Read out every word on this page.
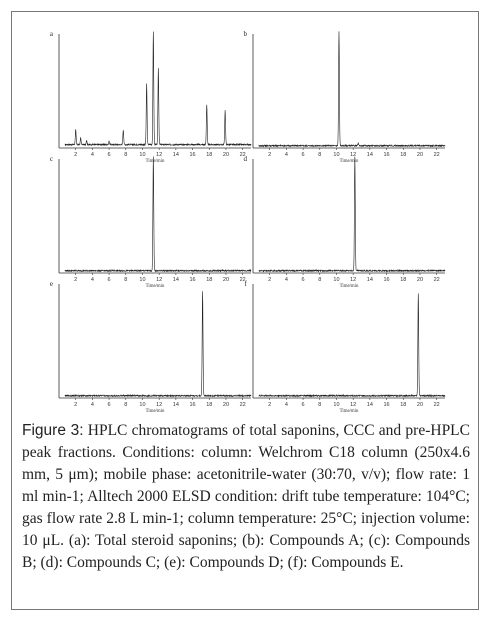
a
2 4 6 8 10 12 14 16 18 20 22
Time/min
b
2 4 6 8 10 12 14 16 18 20 22
Time/min
c
2 4 6 8 10 12 14 16 18 20 22
Time/min
d
2 4 6 8 10 12 14 16 18 20 22
Time/min
e
2 4 6 8 10 12 14 16 18 20 22
Time/min
f
2 4 6 8 10 12 14 16 18 20 22
Time/min
Figure 3: HPLC chromatograms of total saponins, CCC and pre-HPLC peak fractions. Conditions: column: Welchrom C18 column (250x4.6 mm, 5 μm); mobile phase: acetonitrile-water (30:70, v/v); flow rate: 1 ml min-1; Alltech 2000 ELSD condition: drift tube temperature: 104°C; gas flow rate 2.8 L min-1; column temperature: 25°C; injection volume: 10 μL. (a): Total steroid saponins; (b): Compounds A; (c): Compounds B; (d): Compounds C; (e): Compounds D; (f): Compounds E.
